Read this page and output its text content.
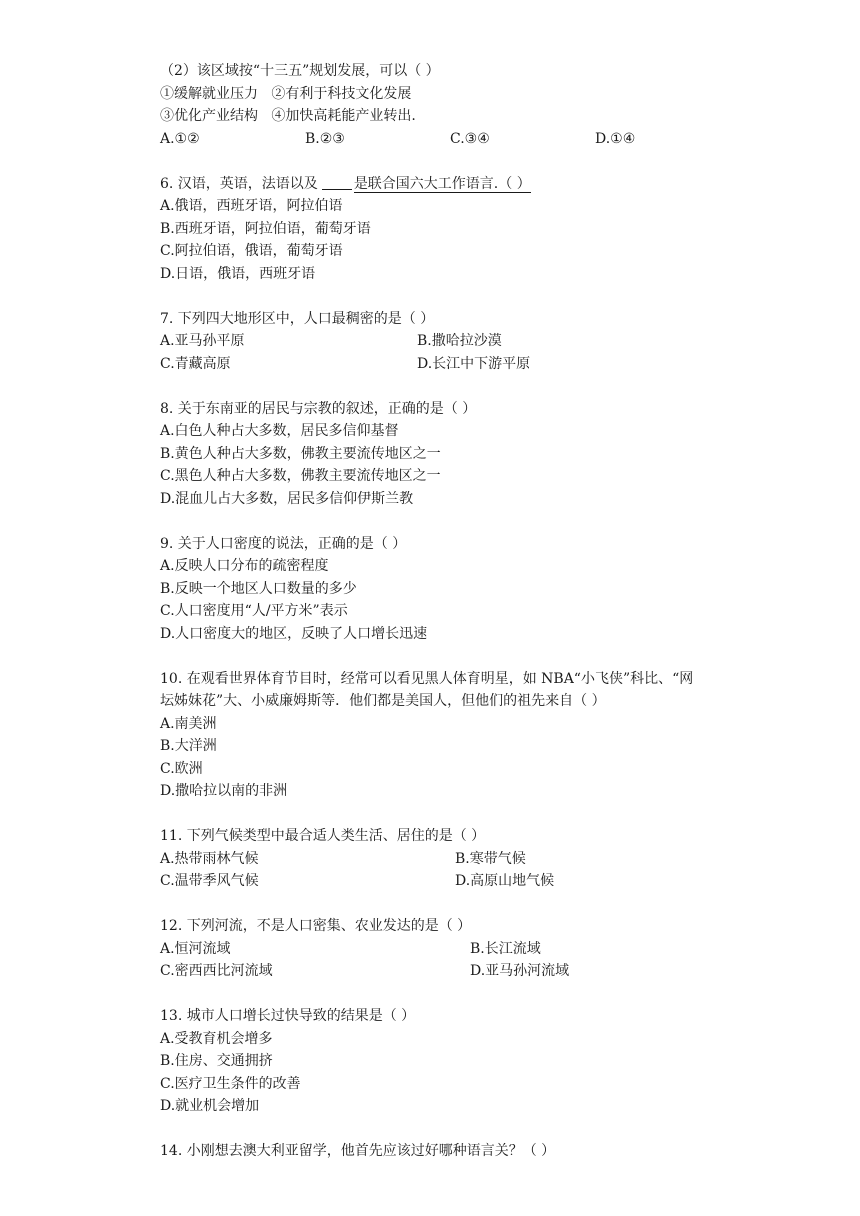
（2）该区域按“十三五”规划发展，可以（ ）
①缓解就业压力 ②有利于科技文化发展
③优化产业结构 ④加快高耗能产业转出.
A.①②	B.②③	C.③④	D.①④
6. 汉语，英语，法语以及	是联合国六大工作语言.（ ）
A.俄语，西班牙语，阿拉伯语
B.西班牙语，阿拉伯语，葡萄牙语
C.阿拉伯语，俄语，葡萄牙语
D.日语，俄语，西班牙语
7. 下列四大地形区中，人口最稠密的是（ ）
A.亚马孙平原	B.撒哈拉沙漠
C.青藏高原	D.长江中下游平原
8. 关于东南亚的居民与宗教的叙述，正确的是（ ）
A.白色人种占大多数，居民多信仰基督
B.黄色人种占大多数，佛教主要流传地区之一
C.黑色人种占大多数，佛教主要流传地区之一
D.混血儿占大多数，居民多信仰伊斯兰教
9. 关于人口密度的说法，正确的是（ ）
A.反映人口分布的疏密程度
B.反映一个地区人口数量的多少
C.人口密度用“人/平方米”表示
D.人口密度大的地区，反映了人口增长迅速
10. 在观看世界体育节目时，经常可以看见黑人体育明星，如 NBA“小飞侠”科比、“网
坛姊妹花”大、小威廉姆斯等．他们都是美国人，但他们的祖先来自（ ）
A.南美洲
B.大洋洲
C.欧洲
D.撒哈拉以南的非洲
11. 下列气候类型中最合适人类生活、居住的是（ ）
A.热带雨林气候	B.寒带气候
C.温带季风气候	D.高原山地气候
12. 下列河流，不是人口密集、农业发达的是（ ）
A.恒河流域	B.长江流域
C.密西西比河流域	D.亚马孙河流域
13. 城市人口增长过快导致的结果是（ ）
A.受教育机会增多
B.住房、交通拥挤
C.医疗卫生条件的改善
D.就业机会增加
14. 小刚想去澳大利亚留学，他首先应该过好哪种语言关？（ ）
